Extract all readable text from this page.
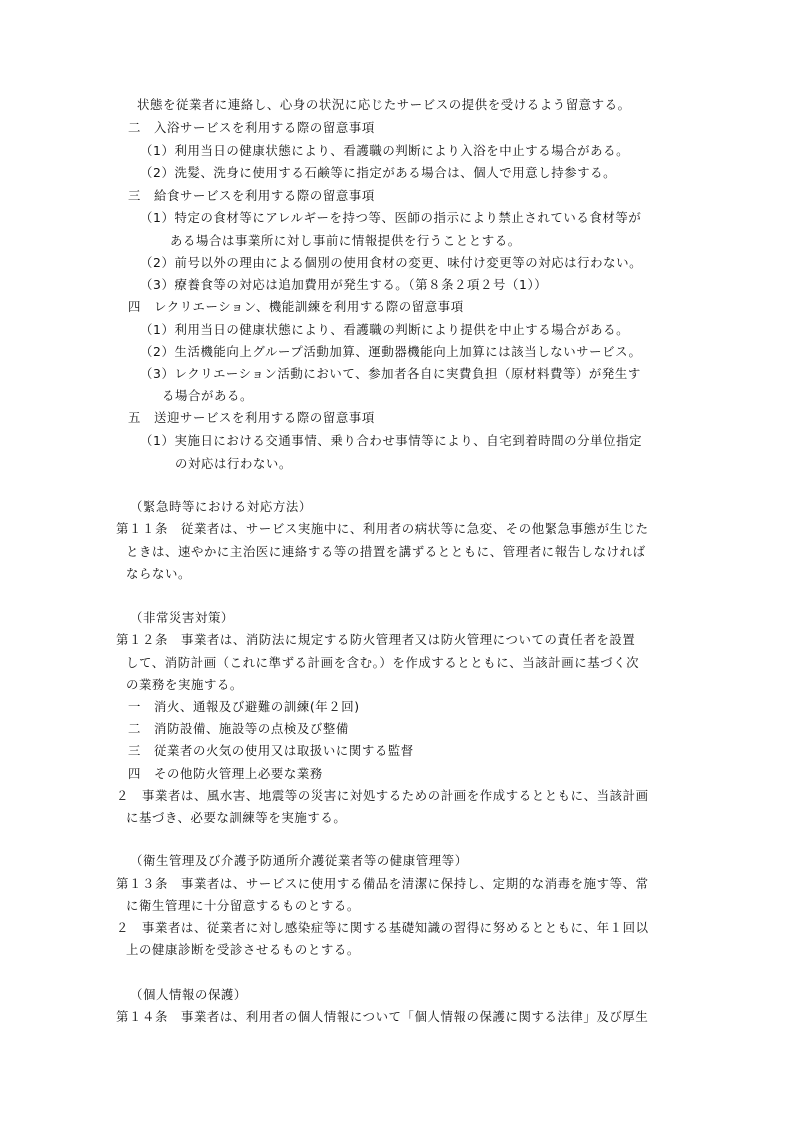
状態を従業者に連絡し、心身の状況に応じたサービスの提供を受けるよう留意する。
二　入浴サービスを利用する際の留意事項
（1）利用当日の健康状態により、看護職の判断により入浴を中止する場合がある。
（2）洗髪、洗身に使用する石鹸等に指定がある場合は、個人で用意し持参する。
三　給食サービスを利用する際の留意事項
（1）特定の食材等にアレルギーを持つ等、医師の指示により禁止されている食材等が
ある場合は事業所に対し事前に情報提供を行うこととする。
（2）前号以外の理由による個別の使用食材の変更、味付け変更等の対応は行わない。
（3）療養食等の対応は追加費用が発生する。（第８条２項２号（1））
四　レクリエーション、機能訓練を利用する際の留意事項
（1）利用当日の健康状態により、看護職の判断により提供を中止する場合がある。
（2）生活機能向上グループ活動加算、運動器機能向上加算には該当しないサービス。
（3）レクリエーション活動において、参加者各自に実費負担（原材料費等）が発生す
る場合がある。
五　送迎サービスを利用する際の留意事項
（1）実施日における交通事情、乗り合わせ事情等により、自宅到着時間の分単位指定
の対応は行わない。
（緊急時等における対応方法）
第１１条　従業者は、サービス実施中に、利用者の病状等に急変、その他緊急事態が生じた
ときは、速やかに主治医に連絡する等の措置を講ずるとともに、管理者に報告しなければ
ならない。
（非常災害対策）
第１２条　事業者は、消防法に規定する防火管理者又は防火管理についての責任者を設置
して、消防計画（これに準ずる計画を含む。）を作成するとともに、当該計画に基づく次
の業務を実施する。
一　消火、通報及び避難の訓練(年２回)
二　消防設備、施設等の点検及び整備
三　従業者の火気の使用又は取扱いに関する監督
四　その他防火管理上必要な業務
２　事業者は、風水害、地震等の災害に対処するための計画を作成するとともに、当該計画
に基づき、必要な訓練等を実施する。
（衛生管理及び介護予防通所介護従業者等の健康管理等）
第１３条　事業者は、サービスに使用する備品を清潔に保持し、定期的な消毒を施す等、常
に衛生管理に十分留意するものとする。
２　事業者は、従業者に対し感染症等に関する基礎知識の習得に努めるとともに、年１回以
上の健康診断を受診させるものとする。
（個人情報の保護）
第１４条　事業者は、利用者の個人情報について「個人情報の保護に関する法律」及び厚生
